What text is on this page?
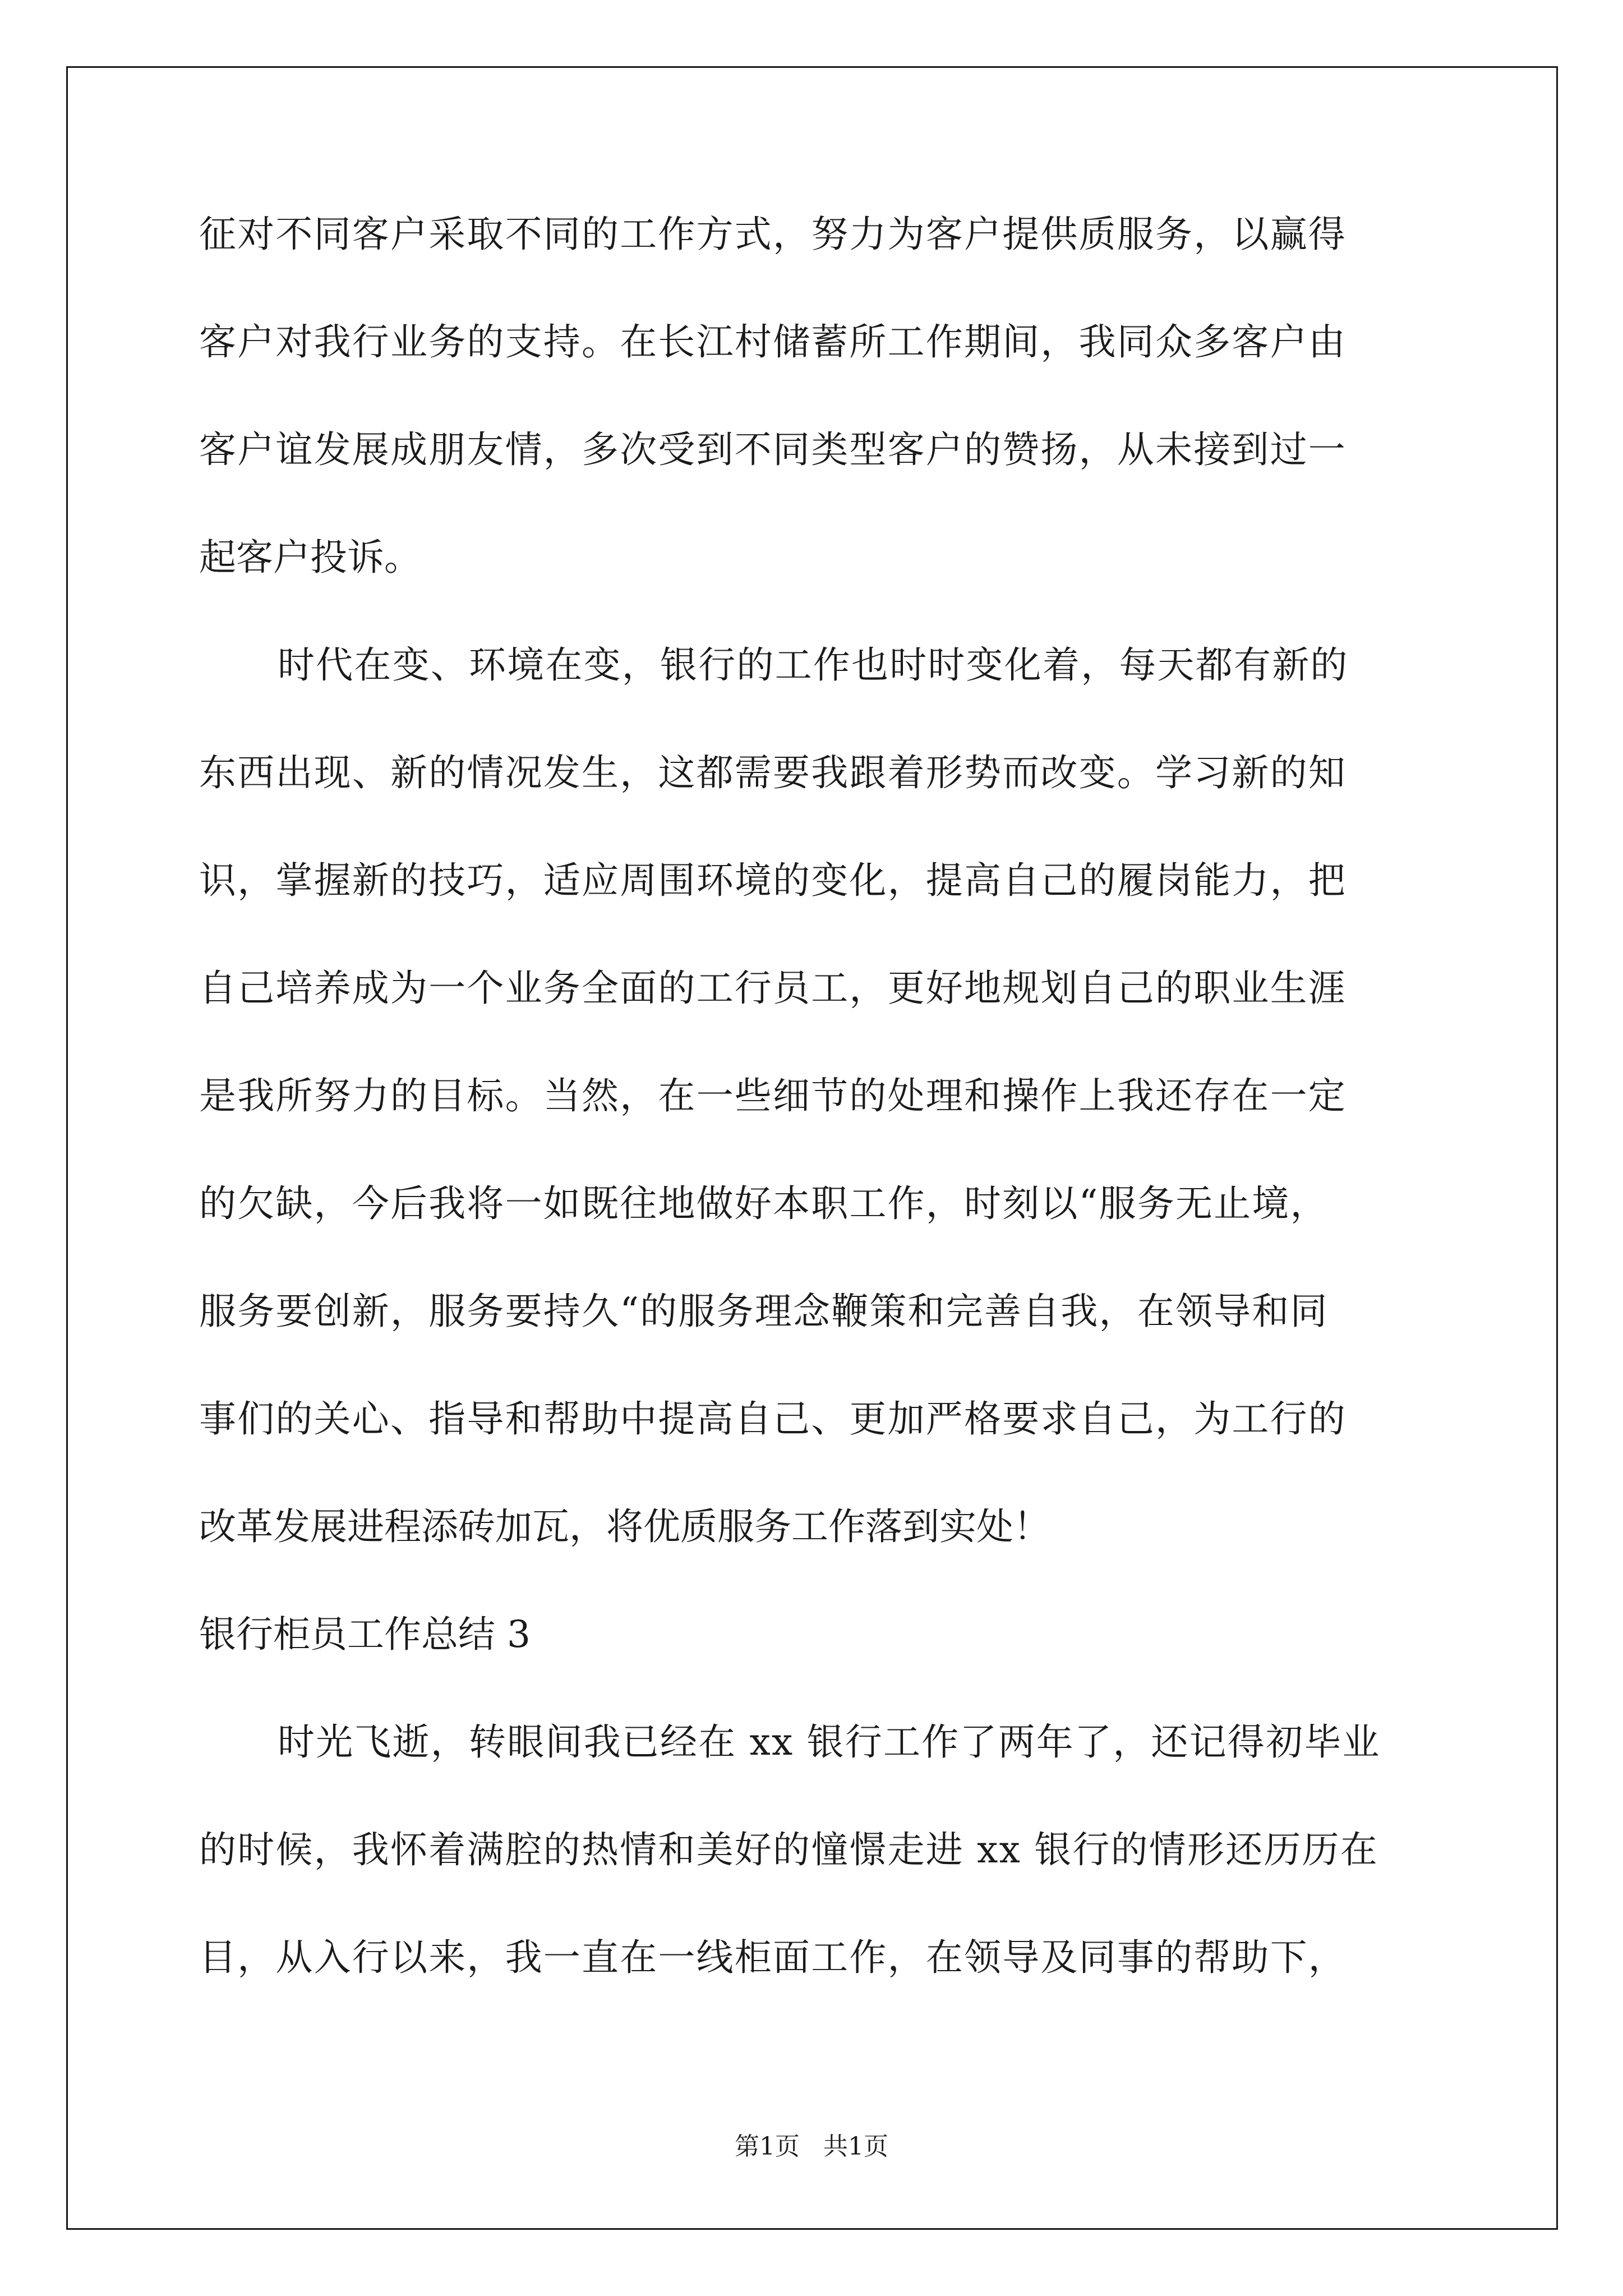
征对不同客户采取不同的工作方式，努力为客户提供质服务，以赢得
客户对我行业务的支持。在长江村储蓄所工作期间，我同众多客户由
客户谊发展成朋友情，多次受到不同类型客户的赞扬，从未接到过一
起客户投诉。
时代在变、环境在变，银行的工作也时时变化着，每天都有新的
东西出现、新的情况发生，这都需要我跟着形势而改变。学习新的知
识，掌握新的技巧，适应周围环境的变化，提高自己的履岗能力，把
自己培养成为一个业务全面的工行员工，更好地规划自己的职业生涯
是我所努力的目标。当然，在一些细节的处理和操作上我还存在一定
的欠缺，今后我将一如既往地做好本职工作，时刻以“服务无止境，
服务要创新，服务要持久“的服务理念鞭策和完善自我，在领导和同
事们的关心、指导和帮助中提高自己、更加严格要求自己，为工行的
改革发展进程添砖加瓦，将优质服务工作落到实处！
银行柜员工作总结 3
时光飞逝，转眼间我已经在 xx 银行工作了两年了，还记得初毕业
的时候，我怀着满腔的热情和美好的憧憬走进 xx 银行的情形还历历在
目，从入行以来，我一直在一线柜面工作，在领导及同事的帮助下，
第1页   共1页
